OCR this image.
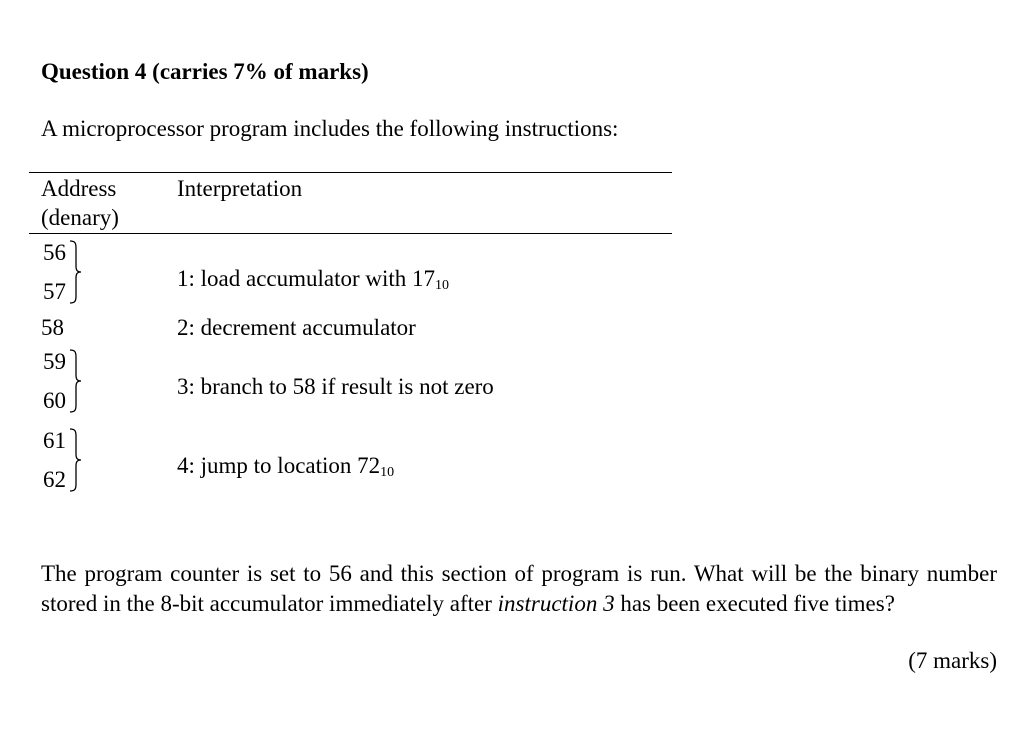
Question 4 (carries 7% of marks)
A microprocessor program includes the following instructions:
Address
(denary)
Interpretation
56
57
1: load accumulator with $17_{10}$
58	2: decrement accumulator
59
60
3: branch to 58 if result is not zero
61
62
4: jump to location $72_{10}$
The program counter is set to 56 and this section of program is run. What will be the binary number stored in the 8-bit accumulator immediately after instruction 3 has been executed five times?
(7 marks)
